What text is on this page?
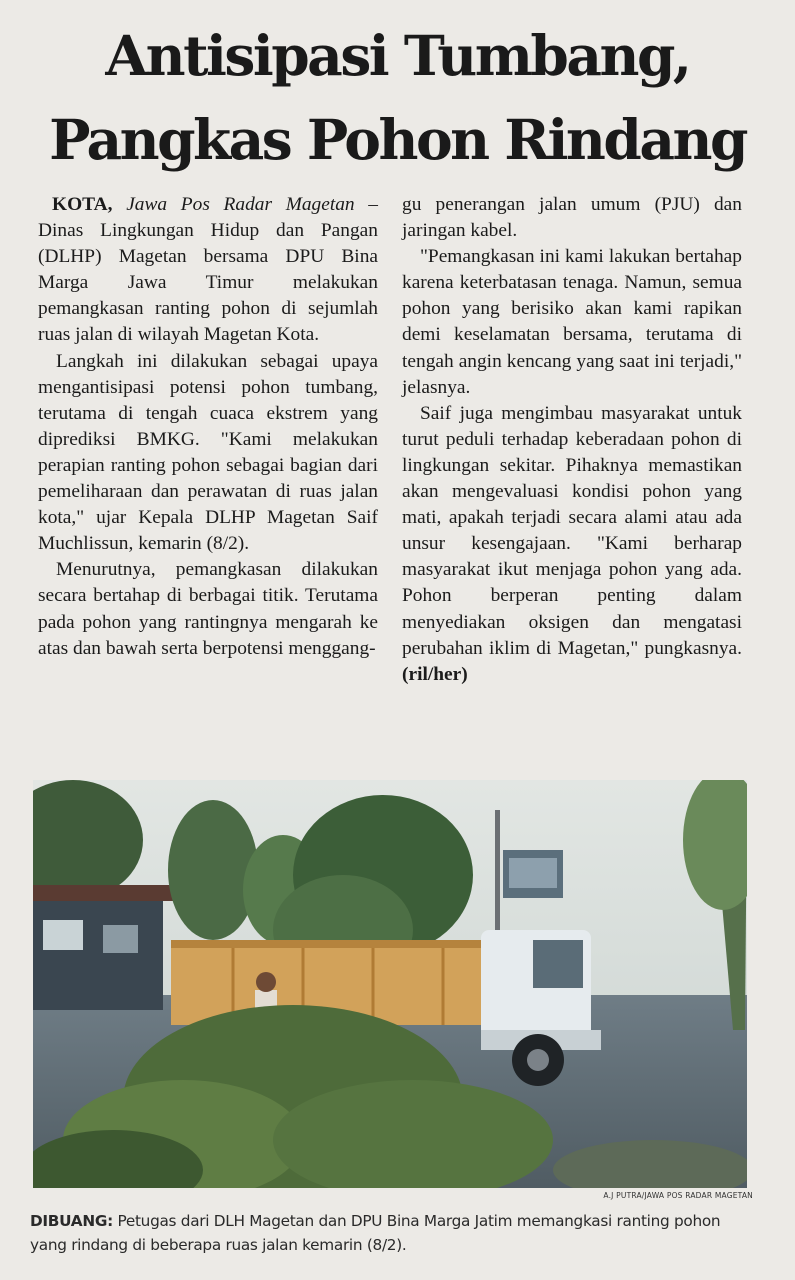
Antisipasi Tumbang,
Pangkas Pohon Rindang

KOTA, Jawa Pos Radar Magetan – Dinas Lingkungan Hidup dan Pangan (DLHP) Magetan bersama DPU Bina Marga Jawa Timur melakukan pemangkasan ranting pohon di sejumlah ruas jalan di wilayah Magetan Kota.

Langkah ini dilakukan sebagai upaya mengantisipasi potensi pohon tumbang, terutama di tengah cuaca ekstrem yang diprediksi BMKG. "Kami melakukan perapian ranting pohon sebagai bagian dari pemeliharaan dan perawatan di ruas jalan kota," ujar Kepala DLHP Magetan Saif Muchlissun, kemarin (8/2).

Menurutnya, pemangkasan dilakukan secara bertahap di berbagai titik. Terutama pada pohon yang rantingnya mengarah ke atas dan bawah serta berpotensi menggang-

gu penerangan jalan umum (PJU) dan jaringan kabel.

"Pemangkasan ini kami lakukan bertahap karena keterbatasan tenaga. Namun, semua pohon yang berisiko akan kami rapikan demi keselamatan bersama, terutama di tengah angin kencang yang saat ini terjadi," jelasnya.

Saif juga mengimbau masyarakat untuk turut peduli terhadap keberadaan pohon di lingkungan sekitar. Pihaknya memastikan akan mengevaluasi kondisi pohon yang mati, apakah terjadi secara alami atau ada unsur kesengajaan. "Kami berharap masyarakat ikut menjaga pohon yang ada. Pohon berperan penting dalam menyediakan oksigen dan mengatasi perubahan iklim di Magetan," pungkasnya. (ril/her)

A.J PUTRA/JAWA POS RADAR MAGETAN
DIBUANG: Petugas dari DLH Magetan dan DPU Bina Marga Jatim memangkasi ranting pohon yang rindang di beberapa ruas jalan kemarin (8/2).
